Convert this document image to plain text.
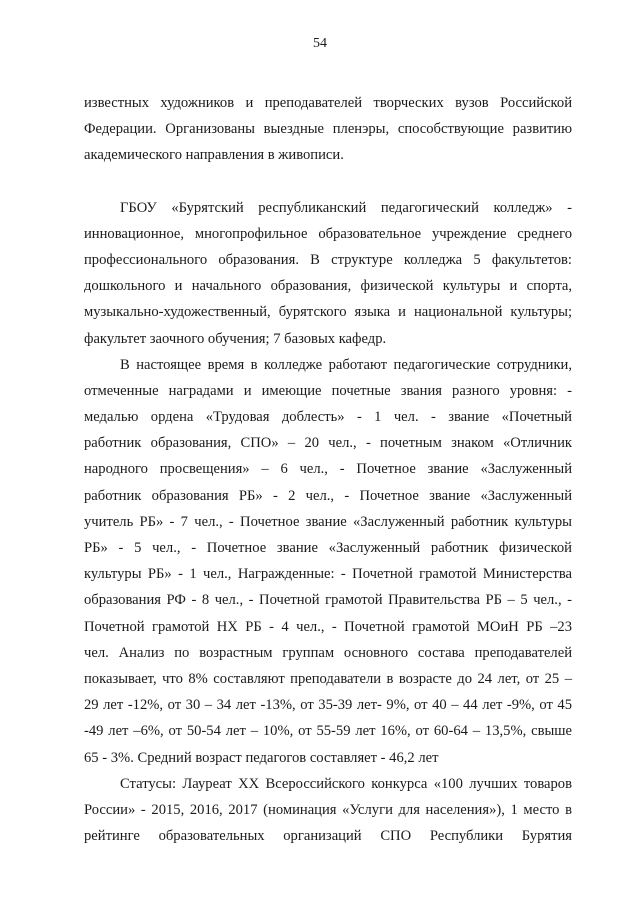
54
известных художников и преподавателей творческих вузов Российской
Федерации. Организованы выездные пленэры, способствующие развитию
академического направления в живописи.
ГБОУ «Бурятский республиканский педагогический колледж» -
инновационное, многопрофильное образовательное учреждение среднего
профессионального образования. В структуре колледжа 5 факультетов:
дошкольного и начального образования, физической культуры и спорта,
музыкально-художественный, бурятского языка и национальной культуры;
факультет заочного обучения; 7 базовых кафедр.
В настоящее время в колледже работают педагогические сотрудники,
отмеченные наградами и имеющие почетные звания разного уровня: -
медалью ордена «Трудовая доблесть» - 1 чел. - звание «Почетный
работник образования, СПО» – 20 чел., - почетным знаком «Отличник
народного просвещения» – 6 чел., - Почетное звание «Заслуженный
работник образования РБ» - 2 чел., - Почетное звание «Заслуженный
учитель РБ» - 7 чел., - Почетное звание «Заслуженный работник культуры
РБ» - 5 чел., - Почетное звание «Заслуженный работник физической
культуры РБ» - 1 чел., Награжденные: - Почетной грамотой Министерства
образования РФ - 8 чел., - Почетной грамотой Правительства РБ – 5 чел., -
Почетной грамотой НХ РБ - 4 чел., - Почетной грамотой МОиН РБ –23
чел. Анализ по возрастным группам основного состава преподавателей
показывает, что 8% составляют преподаватели в возрасте до 24 лет, от 25 –
29 лет -12%, от 30 – 34 лет -13%, от 35-39 лет- 9%, от 40 – 44 лет -9%, от 45
-49 лет –6%, от 50-54 лет – 10%, от 55-59 лет 16%, от 60-64 – 13,5%, свыше
65 - 3%. Средний возраст педагогов составляет - 46,2 лет
Статусы: Лауреат XX Всероссийского конкурса «100 лучших товаров
России» - 2015, 2016, 2017 (номинация «Услуги для населения»), 1 место в
рейтинге образовательных организаций СПО Республики Бурятия
